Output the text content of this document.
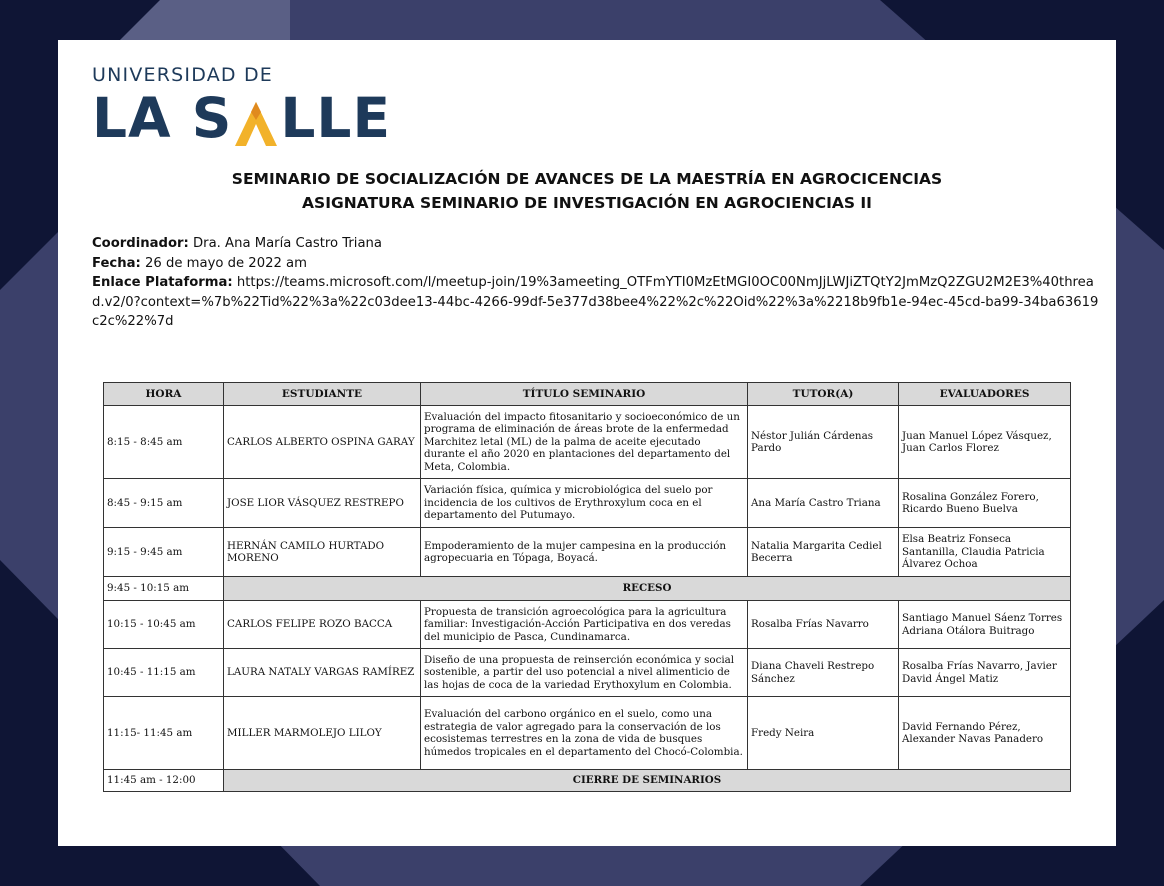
UNIVERSIDAD DE
LA S LLE
SEMINARIO DE SOCIALIZACIÓN DE AVANCES DE LA MAESTRÍA EN AGROCICENCIAS
ASIGNATURA SEMINARIO DE INVESTIGACIÓN EN AGROCIENCIAS II
Coordinador: Dra. Ana María Castro Triana
Fecha: 26 de mayo de 2022 am
Enlace Plataforma: https://teams.microsoft.com/l/meetup-join/19%3ameeting_OTFmYTI0MzEtMGI0OC00NmJjLWJiZTQtY2JmMzQ2ZGU2M2E3%40thread.v2/0?context=%7b%22Tid%22%3a%22c03dee13-44bc-4266-99df-5e377d38bee4%22%2c%22Oid%22%3a%2218b9fb1e-94ec-45cd-ba99-34ba63619c2c%22%7d
HORA	ESTUDIANTE	TÍTULO SEMINARIO	TUTOR(A)	EVALUADORES
8:15 - 8:45 am	CARLOS ALBERTO OSPINA GARAY	Evaluación del impacto fitosanitario y socioeconómico de un programa de eliminación de áreas brote de la enfermedad Marchitez letal (ML) de la palma de aceite ejecutado durante el año 2020 en plantaciones del departamento del Meta, Colombia.	Néstor Julián Cárdenas Pardo	Juan Manuel López Vásquez, Juan Carlos Florez
8:45 - 9:15 am	JOSE LIOR VÁSQUEZ RESTREPO	Variación física, química y microbiológica del suelo por incidencia de los cultivos de Erythroxylum coca en el departamento del Putumayo.	Ana María Castro Triana	Rosalina González Forero, Ricardo Bueno Buelva
9:15 - 9:45 am	HERNÁN CAMILO HURTADO MORENO	Empoderamiento de la mujer campesina en la producción agropecuaria en Tópaga, Boyacá.	Natalia Margarita Cediel Becerra	Elsa Beatriz Fonseca Santanilla, Claudia Patricia Álvarez Ochoa
9:45 - 10:15 am	RECESO			
10:15 - 10:45 am	CARLOS FELIPE ROZO BACCA	Propuesta de transición agroecológica para la agricultura familiar: Investigación-Acción Participativa en dos veredas del municipio de Pasca, Cundinamarca.	Rosalba Frías Navarro	Santiago Manuel Sáenz Torres Adriana Otálora Buitrago
10:45 - 11:15 am	LAURA NATALY VARGAS RAMÍREZ	Diseño de una propuesta de reinserción económica y social sostenible, a partir del uso potencial a nivel alimenticio de las hojas de coca de la variedad Erythoxylum en Colombia.	Diana Chaveli Restrepo Sánchez	Rosalba Frías Navarro, Javier David Ángel Matiz
11:15- 11:45 am	MILLER MARMOLEJO LILOY	Evaluación del carbono orgánico en el suelo, como una estrategia de valor agregado para la conservación de los ecosistemas terrestres en la zona de vida de busques húmedos tropicales en el departamento del Chocó-Colombia.	Fredy Neira	David Fernando Pérez, Alexander Navas Panadero
11:45 am - 12:00	CIERRE DE SEMINARIOS			
